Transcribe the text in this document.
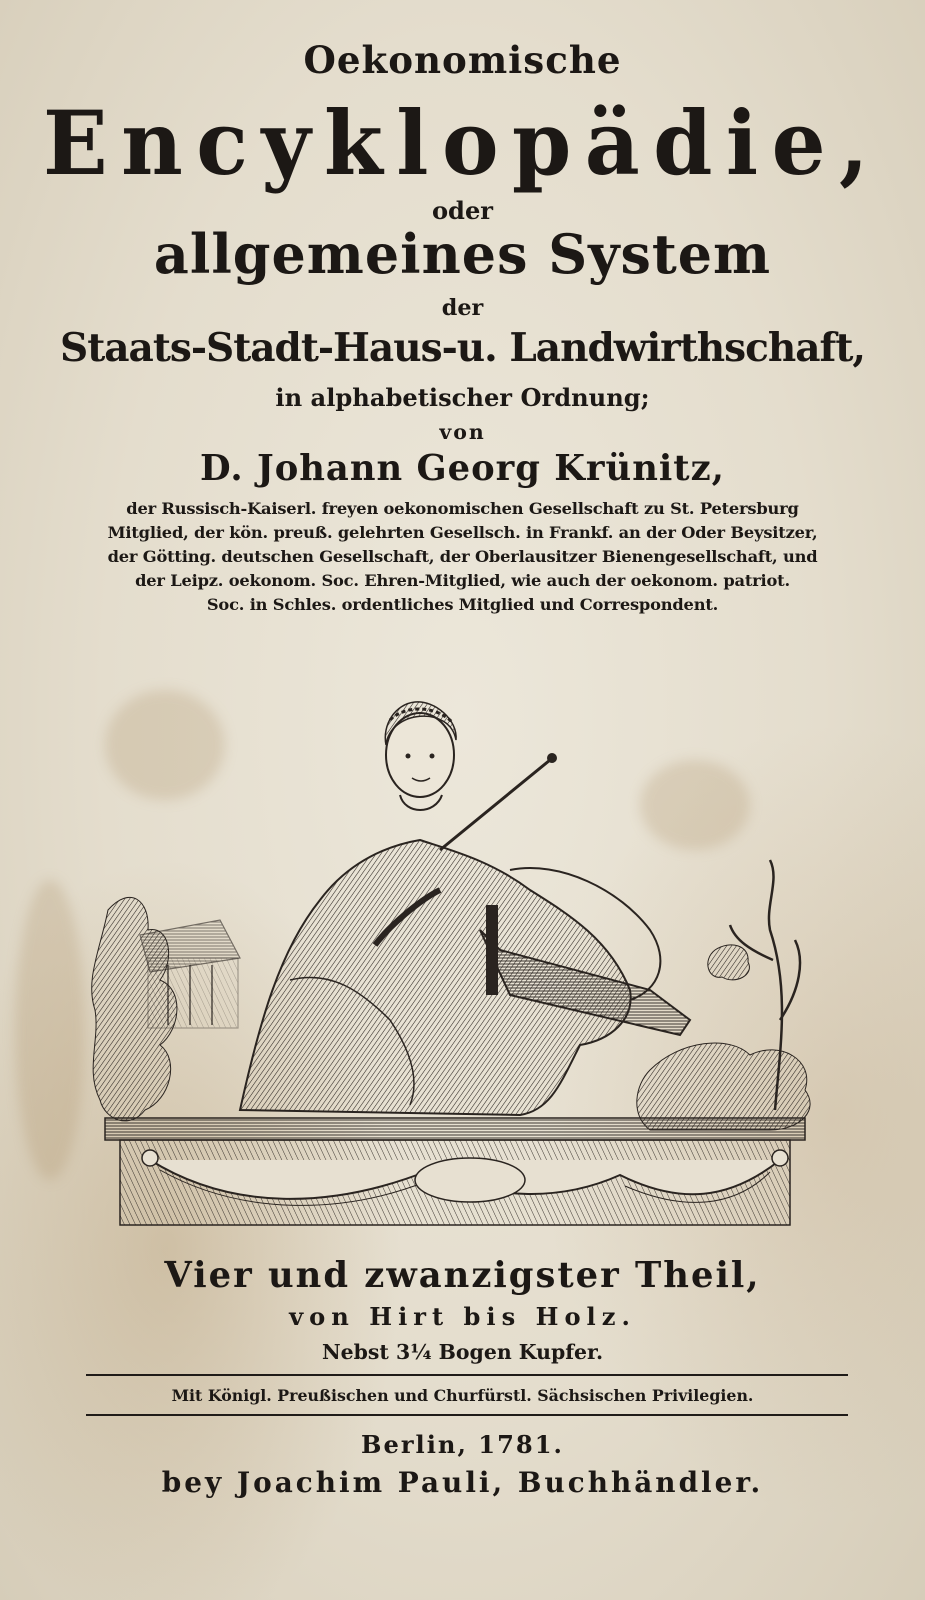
Oekonomische
Encyklopädie,
oder
allgemeines System
der
Staats-Stadt-Haus-u. Landwirthschaft,
in alphabetischer Ordnung;
von
D. Johann Georg Krünitz,
der Russisch-Kaiserl. freyen oekonomischen Gesellschaft zu St. Petersburg
Mitglied, der kön. preuß. gelehrten Gesellsch. in Frankf. an der Oder Beysitzer,
der Götting. deutschen Gesellschaft, der Oberlausitzer Bienengesellschaft, und
der Leipz. oekonom. Soc. Ehren-Mitglied, wie auch der oekonom. patriot.
Soc. in Schles. ordentliches Mitglied und Correspondent.
Vier und zwanzigster Theil,
von Hirt bis Holz.
Nebst 3¼ Bogen Kupfer.
Mit Königl. Preußischen und Churfürstl. Sächsischen Privilegien.
Berlin, 1781.
bey Joachim Pauli, Buchhändler.
